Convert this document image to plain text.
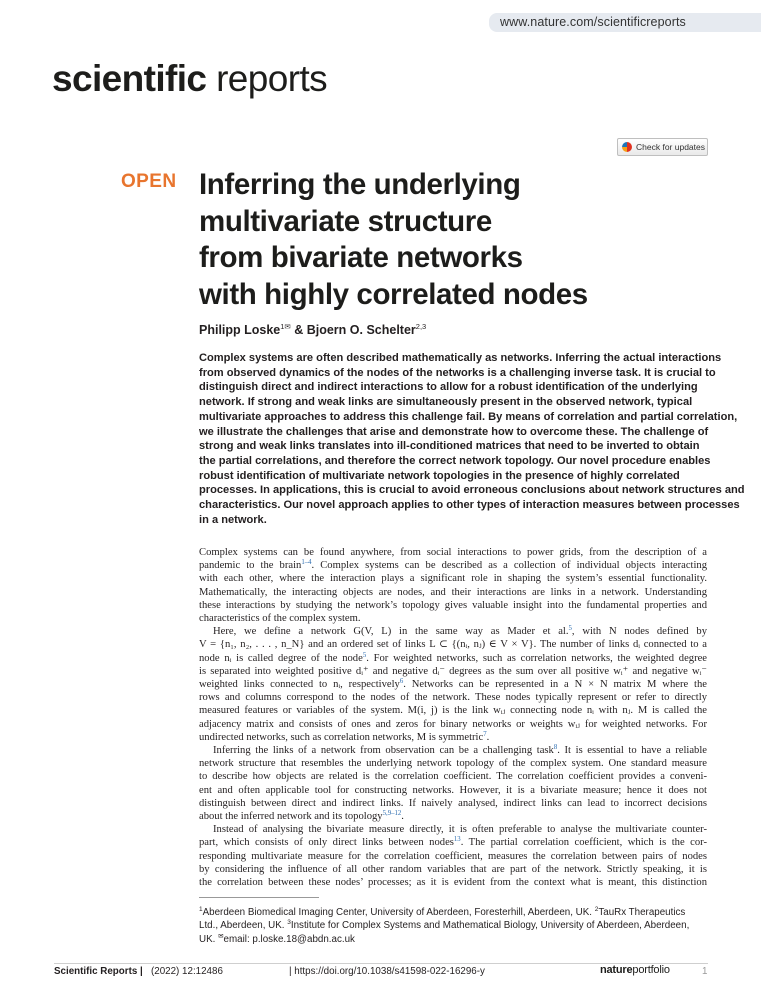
www.nature.com/scientificreports
scientific reports
Check for updates
OPEN Inferring the underlying
multivariate structure
from bivariate networks
with highly correlated nodes
Philipp Loske$^{1✉}$ & Bjoern O. Schelter$^{2,3}$
Complex systems are often described mathematically as networks. Inferring the actual interactions
from observed dynamics of the nodes of the networks is a challenging inverse task. It is crucial to
distinguish direct and indirect interactions to allow for a robust identification of the underlying
network. If strong and weak links are simultaneously present in the observed network, typical
multivariate approaches to address this challenge fail. By means of correlation and partial correlation,
we illustrate the challenges that arise and demonstrate how to overcome these. The challenge of
strong and weak links translates into ill-conditioned matrices that need to be inverted to obtain
the partial correlations, and therefore the correct network topology. Our novel procedure enables
robust identification of multivariate network topologies in the presence of highly correlated
processes. In applications, this is crucial to avoid erroneous conclusions about network structures and
characteristics. Our novel approach applies to other types of interaction measures between processes
in a network.

Complex systems can be found anywhere, from social interactions to power grids, from the description of a
pandemic to the brain$^{1-4}$. Complex systems can be described as a collection of individual objects interacting
with each other, where the interaction plays a significant role in shaping the system’s essential functionality.
Mathematically, the interacting objects are nodes, and their interactions are links in a network. Understanding
these interactions by studying the network’s topology gives valuable insight into the fundamental properties and
characteristics of the complex system.

Here, we define a network G(V, L) in the same way as Mader et al.$^5$, with N nodes defined by
V = {n₁, n₂, . . . , n_N} and an ordered set of links L ⊂ {(nᵢ, nⱼ) ∈ V × V}. The number of links dᵢ connected to a
node nᵢ is called degree of the node$^5$. For weighted networks, such as correlation networks, the weighted degree
is separated into weighted positive dᵢ⁺ and negative dᵢ⁻ degrees as the sum over all positive wᵢ⁺ and negative wᵢ⁻
weighted links connected to nᵢ, respectively$^6$. Networks can be represented in a N × N matrix M where the
rows and columns correspond to the nodes of the network. These nodes typically represent or refer to directly
measured features or variables of the system. M(i, j) is the link wᵢⱼ connecting node nᵢ with nⱼ. M is called the
adjacency matrix and consists of ones and zeros for binary networks or weights wᵢⱼ for weighted networks. For
undirected networks, such as correlation networks, M is symmetric$^7$.

Inferring the links of a network from observation can be a challenging task$^8$. It is essential to have a reliable
network structure that resembles the underlying network topology of the complex system. One standard measure
to describe how objects are related is the correlation coefficient. The correlation coefficient provides a conveni-
ent and often applicable tool for constructing networks. However, it is a bivariate measure; hence it does not
distinguish between direct and indirect links. If naively analysed, indirect links can lead to incorrect decisions
about the inferred network and its topology$^{5,9-12}$.

Instead of analysing the bivariate measure directly, it is often preferable to analyse the multivariate counter-
part, which consists of only direct links between nodes$^{13}$. The partial correlation coefficient, which is the cor-
responding multivariate measure for the correlation coefficient, measures the correlation between pairs of nodes
by considering the influence of all other random variables that are part of the network. Strictly speaking, it is
the correlation between these nodes’ processes; as it is evident from the context what is meant, this distinction

$^1$Aberdeen Biomedical Imaging Center, University of Aberdeen, Foresterhill, Aberdeen, UK. $^2$TauRx Therapeutics
Ltd., Aberdeen, UK. $^3$Institute for Complex Systems and Mathematical Biology, University of Aberdeen, Aberdeen,
UK. ✉email: p.loske.18@abdn.ac.uk
Scientific Reports | (2022) 12:12486	| https://doi.org/10.1038/s41598-022-16296-y	natureportfolio	1
